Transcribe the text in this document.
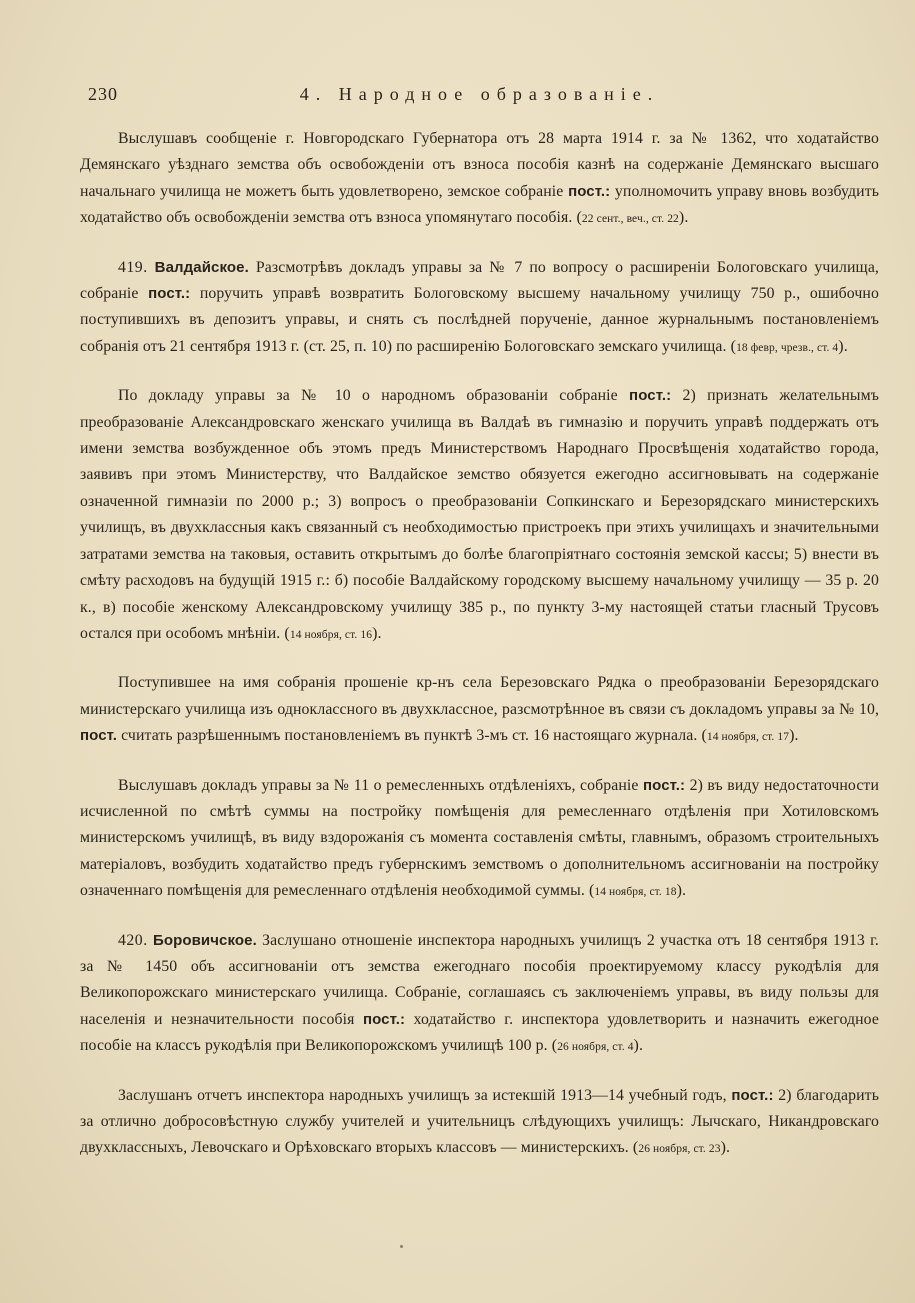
230	4. Народное образованіе.

Выслушавъ сообщеніе г. Новгородскаго Губернатора отъ 28 марта 1914 г. за № 1362, что ходатайство Демянскаго уѣзднаго земства объ освобожденіи отъ взноса пособія казнѣ на содержаніе Демянскаго высшаго начальнаго училища не можетъ быть удовлетворено, земское собраніе пост.: уполномочить управу вновь возбудить ходатайство объ освобожденіи земства отъ взноса упомянутаго пособія. (22 сент., веч., ст. 22).

419. Валдайское. Разсмотрѣвъ докладъ управы за № 7 по вопросу о расширеніи Бологовскаго училища, собраніе пост.: поручить управѣ возвратить Бологовскому высшему начальному училищу 750 р., ошибочно поступившихъ въ депозитъ управы, и снять съ послѣдней порученіе, данное журнальнымъ постановленіемъ собранія отъ 21 сентября 1913 г. (ст. 25, п. 10) по расширенію Бологовскаго земскаго училища. (18 февр, чрезв., ст. 4).

По докладу управы за № 10 о народномъ образованіи собраніе пост.: 2) признать желательнымъ преобразованіе Александровскаго женскаго училища въ Валдаѣ въ гимназію и поручить управѣ поддержать отъ имени земства возбужденное объ этомъ предъ Министерствомъ Народнаго Просвѣщенія ходатайство города, заявивъ при этомъ Министерству, что Валдайское земство обязуется ежегодно ассигновывать на содержаніе означенной гимназіи по 2000 р.; 3) вопросъ о преобразованіи Сопкинскаго и Березорядскаго министерскихъ училищъ, въ двухклассныя какъ связанный съ необходимостью пристроекъ при этихъ училищахъ и значительными затратами земства на таковыя, оставить открытымъ до болѣе благопріятнаго состоянія земской кассы; 5) внести въ смѣту расходовъ на будущій 1915 г.: б) пособіе Валдайскому городскому высшему начальному училищу — 35 р. 20 к., в) пособіе женскому Александровскому училищу 385 р., по пункту 3-му настоящей статьи гласный Трусовъ остался при особомъ мнѣніи. (14 ноября, ст. 16).

Поступившее на имя собранія прошеніе кр-нъ села Березовскаго Рядка о преобразованіи Березорядскаго министерскаго училища изъ одноклассного въ двухклассное, разсмотрѣнное въ связи съ докладомъ управы за № 10, пост. считать разрѣшеннымъ постановленіемъ въ пунктѣ 3-мъ ст. 16 настоящаго журнала. (14 ноября, ст. 17).

Выслушавъ докладъ управы за № 11 о ремесленныхъ отдѣленіяхъ, собраніе пост.: 2) въ виду недостаточности исчисленной по смѣтѣ суммы на постройку помѣщенія для ремесленнаго отдѣленія при Хотиловскомъ министерскомъ училищѣ, въ виду вздорожанія съ момента составленія смѣты, главнымъ, образомъ строительныхъ матеріаловъ, возбудить ходатайство предъ губернскимъ земствомъ о дополнительномъ ассигнованіи на постройку означеннаго помѣщенія для ремесленнаго отдѣленія необходимой суммы. (14 ноября, ст. 18).

420. Боровичское. Заслушано отношеніе инспектора народныхъ училищъ 2 участка отъ 18 сентября 1913 г. за № 1450 объ ассигнованіи отъ земства ежегоднаго пособія проектируемому классу рукодѣлія для Великопорожскаго министерскаго училища. Собраніе, соглашаясь съ заключеніемъ управы, въ виду пользы для населенія и незначительности пособія пост.: ходатайство г. инспектора удовлетворить и назначить ежегодное пособіе на классъ рукодѣлія при Великопорожскомъ училищѣ 100 р. (26 ноября, ст. 4).

Заслушанъ отчетъ инспектора народныхъ училищъ за истекшій 1913—14 учебный годъ, пост.: 2) благодарить за отлично добросовѣстную службу учителей и учительницъ слѣдующихъ училищъ: Лычскаго, Никандровскаго двухклассныхъ, Левочскаго и Орѣховскаго вторыхъ классовъ — министерскихъ. (26 ноября, ст. 23).
